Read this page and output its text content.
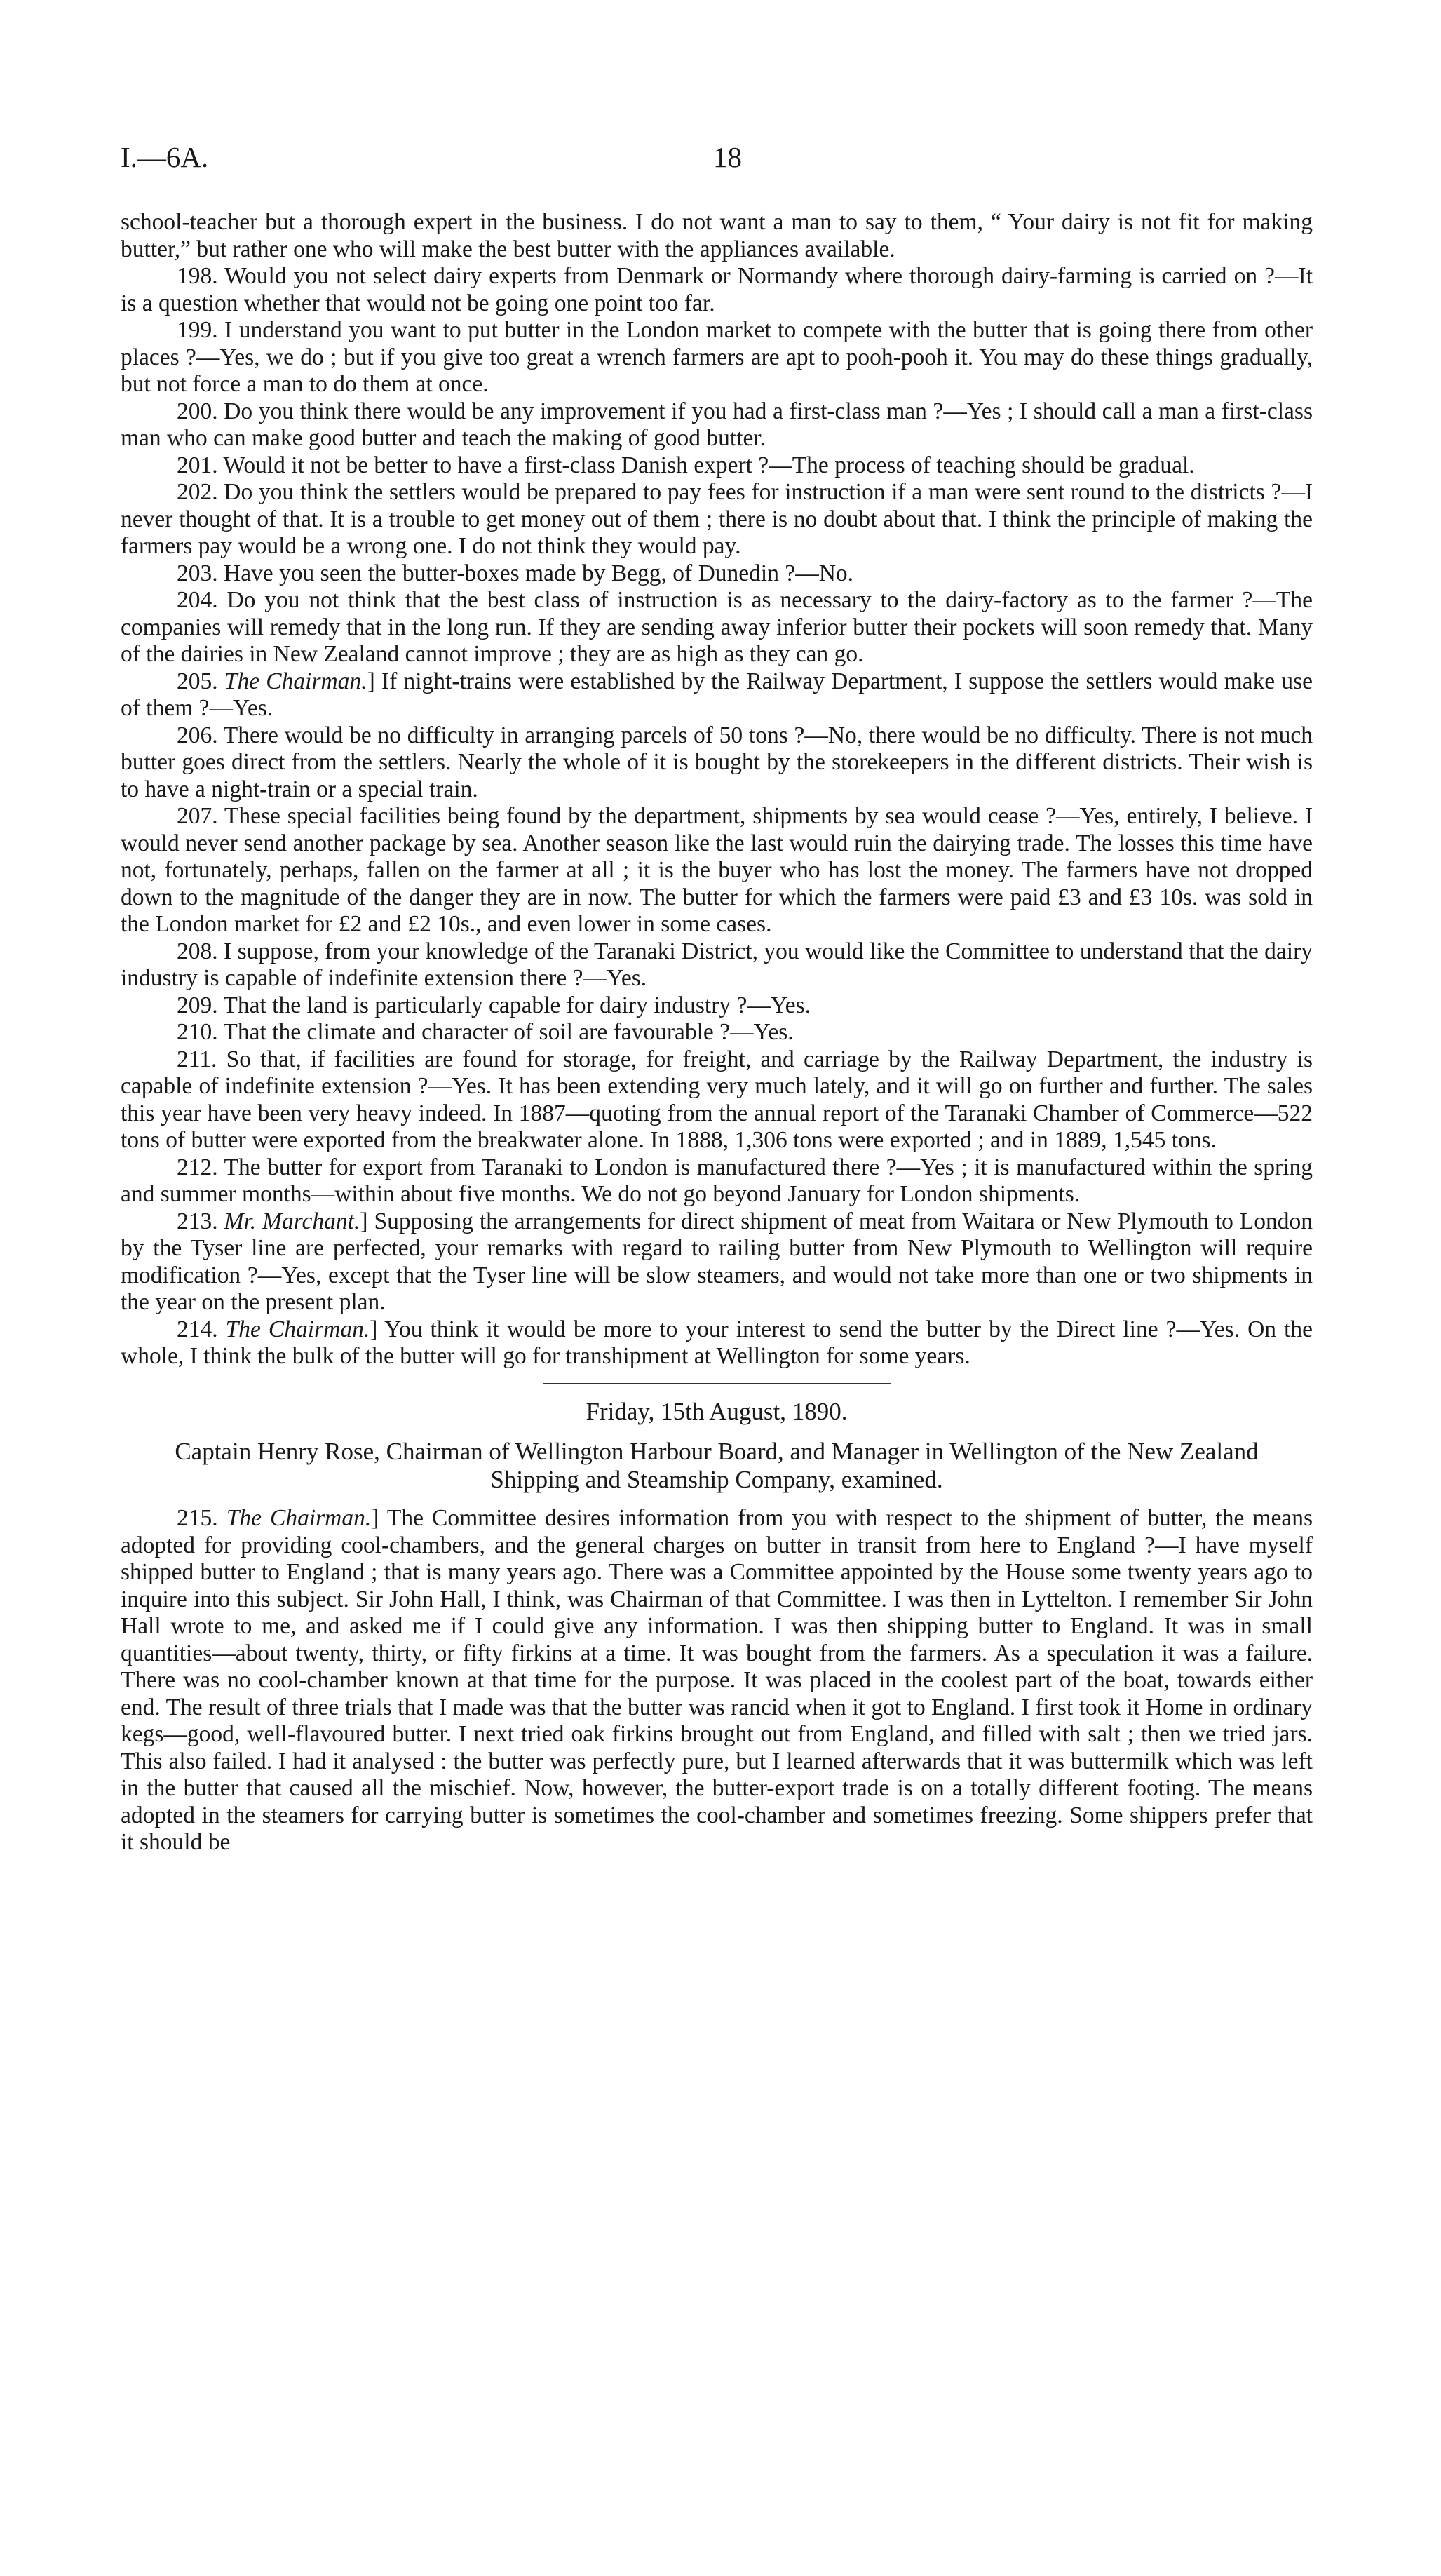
I.—6A.	18

school-teacher but a thorough expert in the business. I do not want a man to say to them, “ Your dairy is not fit for making butter,” but rather one who will make the best butter with the appliances available.

198. Would you not select dairy experts from Denmark or Normandy where thorough dairy-farming is carried on ?—It is a question whether that would not be going one point too far.

199. I understand you want to put butter in the London market to compete with the butter that is going there from other places ?—Yes, we do ; but if you give too great a wrench farmers are apt to pooh-pooh it. You may do these things gradually, but not force a man to do them at once.

200. Do you think there would be any improvement if you had a first-class man ?—Yes ; I should call a man a first-class man who can make good butter and teach the making of good butter.

201. Would it not be better to have a first-class Danish expert ?—The process of teaching should be gradual.

202. Do you think the settlers would be prepared to pay fees for instruction if a man were sent round to the districts ?—I never thought of that. It is a trouble to get money out of them ; there is no doubt about that. I think the principle of making the farmers pay would be a wrong one. I do not think they would pay.

203. Have you seen the butter-boxes made by Begg, of Dunedin ?—No.

204. Do you not think that the best class of instruction is as necessary to the dairy-factory as to the farmer ?—The companies will remedy that in the long run. If they are sending away inferior butter their pockets will soon remedy that. Many of the dairies in New Zealand cannot improve ; they are as high as they can go.

205. The Chairman.] If night-trains were established by the Railway Department, I suppose the settlers would make use of them ?—Yes.

206. There would be no difficulty in arranging parcels of 50 tons ?—No, there would be no difficulty. There is not much butter goes direct from the settlers. Nearly the whole of it is bought by the storekeepers in the different districts. Their wish is to have a night-train or a special train.

207. These special facilities being found by the department, shipments by sea would cease ?—Yes, entirely, I believe. I would never send another package by sea. Another season like the last would ruin the dairying trade. The losses this time have not, fortunately, perhaps, fallen on the farmer at all ; it is the buyer who has lost the money. The farmers have not dropped down to the magnitude of the danger they are in now. The butter for which the farmers were paid £3 and £3 10s. was sold in the London market for £2 and £2 10s., and even lower in some cases.

208. I suppose, from your knowledge of the Taranaki District, you would like the Committee to understand that the dairy industry is capable of indefinite extension there ?—Yes.

209. That the land is particularly capable for dairy industry ?—Yes.

210. That the climate and character of soil are favourable ?—Yes.

211. So that, if facilities are found for storage, for freight, and carriage by the Railway Department, the industry is capable of indefinite extension ?—Yes. It has been extending very much lately, and it will go on further and further. The sales this year have been very heavy indeed. In 1887—quoting from the annual report of the Taranaki Chamber of Commerce—522 tons of butter were exported from the breakwater alone. In 1888, 1,306 tons were exported ; and in 1889, 1,545 tons.

212. The butter for export from Taranaki to London is manufactured there ?—Yes ; it is manufactured within the spring and summer months—within about five months. We do not go beyond January for London shipments.

213. Mr. Marchant.] Supposing the arrangements for direct shipment of meat from Waitara or New Plymouth to London by the Tyser line are perfected, your remarks with regard to railing butter from New Plymouth to Wellington will require modification ?—Yes, except that the Tyser line will be slow steamers, and would not take more than one or two shipments in the year on the present plan.

214. The Chairman.] You think it would be more to your interest to send the butter by the Direct line ?—Yes. On the whole, I think the bulk of the butter will go for transhipment at Wellington for some years.

Friday, 15th August, 1890.
Captain Henry Rose, Chairman of Wellington Harbour Board, and Manager in Wellington of the New Zealand Shipping and Steamship Company, examined.

215. The Chairman.] The Committee desires information from you with respect to the shipment of butter, the means adopted for providing cool-chambers, and the general charges on butter in transit from here to England ?—I have myself shipped butter to England ; that is many years ago. There was a Committee appointed by the House some twenty years ago to inquire into this subject. Sir John Hall, I think, was Chairman of that Committee. I was then in Lyttelton. I remember Sir John Hall wrote to me, and asked me if I could give any information. I was then shipping butter to England. It was in small quantities—about twenty, thirty, or fifty firkins at a time. It was bought from the farmers. As a speculation it was a failure. There was no cool-chamber known at that time for the purpose. It was placed in the coolest part of the boat, towards either end. The result of three trials that I made was that the butter was rancid when it got to England. I first took it Home in ordinary kegs—good, well-flavoured butter. I next tried oak firkins brought out from England, and filled with salt ; then we tried jars. This also failed. I had it analysed : the butter was perfectly pure, but I learned afterwards that it was buttermilk which was left in the butter that caused all the mischief. Now, however, the butter-export trade is on a totally different footing. The means adopted in the steamers for carrying butter is sometimes the cool-chamber and sometimes freezing. Some shippers prefer that it should be
